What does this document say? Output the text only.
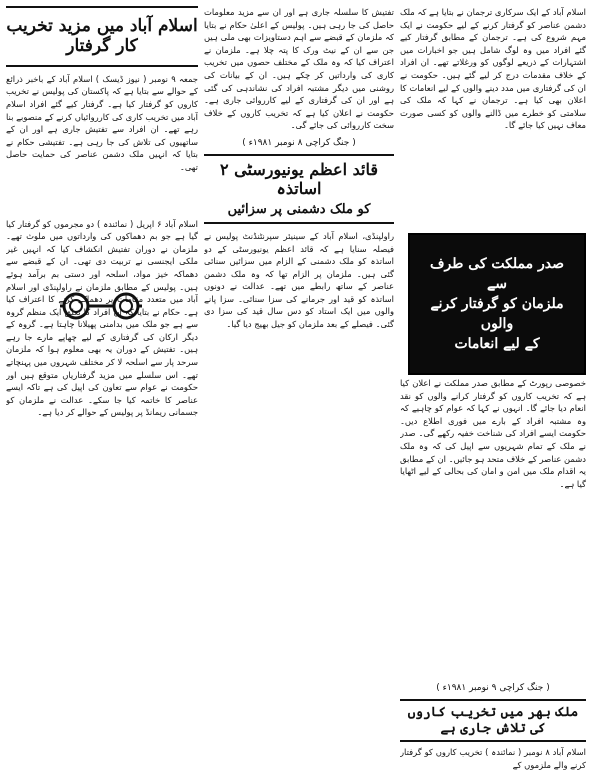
اسلام آباد میں مزید تخریب کار گرفتار
جمعہ ۹ نومبر ( نیوز ڈیسک ) اسلام آباد کے باخبر ذرائع کے حوالے سے بتایا ہے کہ پاکستان کی پولیس نے تخریب کاروں کو گرفتار کیا ہے۔ گرفتار کیے گئے افراد اسلام آباد میں تخریب کاری کی کارروائیاں کرنے کے منصوبے بنا رہے تھے۔ ان افراد سے تفتیش جاری ہے اور ان کے ساتھیوں کی تلاش کی جا رہی ہے۔ تفتیشی حکام نے بتایا کہ انہیں ملک دشمن عناصر کی حمایت حاصل تھی۔
اسلام آباد ۶ اپریل ( نمائندہ ) دو مجرموں کو گرفتار کیا گیا ہے جو بم دھماکوں کی وارداتوں میں ملوث تھے۔ ملزمان نے دوران تفتیش انکشاف کیا کہ انہیں غیر ملکی ایجنسی نے تربیت دی تھی۔ ان کے قبضے سے دھماکہ خیز مواد، اسلحہ اور دستی بم برآمد ہوئے ہیں۔ پولیس کے مطابق ملزمان نے راولپنڈی اور اسلام آباد میں متعدد مقامات پر دھماکے کرنے کا اعتراف کیا ہے۔ حکام نے بتایا کہ ان افراد کا تعلق ایک منظم گروہ سے ہے جو ملک میں بدامنی پھیلانا چاہتا ہے۔ گروہ کے دیگر ارکان کی گرفتاری کے لیے چھاپے مارے جا رہے ہیں۔ تفتیش کے دوران یہ بھی معلوم ہوا کہ ملزمان سرحد پار سے اسلحہ لا کر مختلف شہروں میں پہنچاتے تھے۔ اس سلسلے میں مزید گرفتاریاں متوقع ہیں اور حکومت نے عوام سے تعاون کی اپیل کی ہے تاکہ ایسے عناصر کا خاتمہ کیا جا سکے۔ عدالت نے ملزمان کو جسمانی ریمانڈ پر پولیس کے حوالے کر دیا ہے۔
تفتیش کا سلسلہ جاری ہے اور ان سے مزید معلومات حاصل کی جا رہی ہیں۔ پولیس کے اعلیٰ حکام نے بتایا کہ ملزمان کے قبضے سے اہم دستاویزات بھی ملی ہیں جن سے ان کے نیٹ ورک کا پتہ چلا ہے۔ ملزمان نے اعتراف کیا کہ وہ ملک کے مختلف حصوں میں تخریب کاری کی وارداتیں کر چکے ہیں۔ ان کے بیانات کی روشنی میں دیگر مشتبہ افراد کی نشاندہی کی گئی ہے اور ان کی گرفتاری کے لیے کارروائی جاری ہے۔ حکومت نے اعلان کیا ہے کہ تخریب کاروں کے خلاف سخت کارروائی کی جائے گی۔
( جنگ کراچی ۸ نومبر ۱۹۸۱ء )
قائد اعظم یونیورسٹی ۲ اساتذہ
کو ملک دشمنی پر سزائیں
راولپنڈی، اسلام آباد کے سینیئر سپرنٹنڈنٹ پولیس نے فیصلہ سنایا ہے کہ قائد اعظم یونیورسٹی کے دو اساتذہ کو ملک دشمنی کے الزام میں سزائیں سنائی گئی ہیں۔ ملزمان پر الزام تھا کہ وہ ملک دشمن عناصر کے ساتھ رابطے میں تھے۔ عدالت نے دونوں اساتذہ کو قید اور جرمانے کی سزا سنائی۔ سزا پانے والوں میں ایک استاد کو دس سال قید کی سزا دی گئی۔ فیصلے کے بعد ملزمان کو جیل بھیج دیا گیا۔
اسلام آباد کے ایک سرکاری ترجمان نے بتایا ہے کہ ملک دشمن عناصر کو گرفتار کرنے کے لیے حکومت نے ایک مہم شروع کی ہے۔ ترجمان کے مطابق گرفتار کیے گئے افراد میں وہ لوگ شامل ہیں جو اخبارات میں اشتہارات کے ذریعے لوگوں کو ورغلاتے تھے۔ ان افراد کے خلاف مقدمات درج کر لیے گئے ہیں۔ حکومت نے ان کی گرفتاری میں مدد دینے والوں کے لیے انعامات کا اعلان بھی کیا ہے۔ ترجمان نے کہا کہ ملک کی سلامتی کو خطرے میں ڈالنے والوں کو کسی صورت معاف نہیں کیا جائے گا۔
خصوصی رپورٹ کے مطابق صدر مملکت نے اعلان کیا ہے کہ تخریب کاروں کو گرفتار کرانے والوں کو نقد انعام دیا جائے گا۔ انہوں نے کہا کہ عوام کو چاہیے کہ وہ مشتبہ افراد کے بارے میں فوری اطلاع دیں۔ حکومت ایسے افراد کی شناخت خفیہ رکھے گی۔ صدر نے ملک کے تمام شہریوں سے اپیل کی کہ وہ ملک دشمن عناصر کے خلاف متحد ہو جائیں۔ ان کے مطابق یہ اقدام ملک میں امن و امان کی بحالی کے لیے اٹھایا گیا ہے۔
( جنگ کراچی ۹ نومبر ۱۹۸۱ء )
ملک بھر میں تخریب کاروں کی تلاش جاری ہے
اسلام آباد ۸ نومبر ( نمائندہ ) تخریب کاروں کو گرفتار کرنے والے ملزموں کے
صدر مملکت کی طرف سے
ملزمان کو گرفتار کرنے والوں
کے لیے انعامات
